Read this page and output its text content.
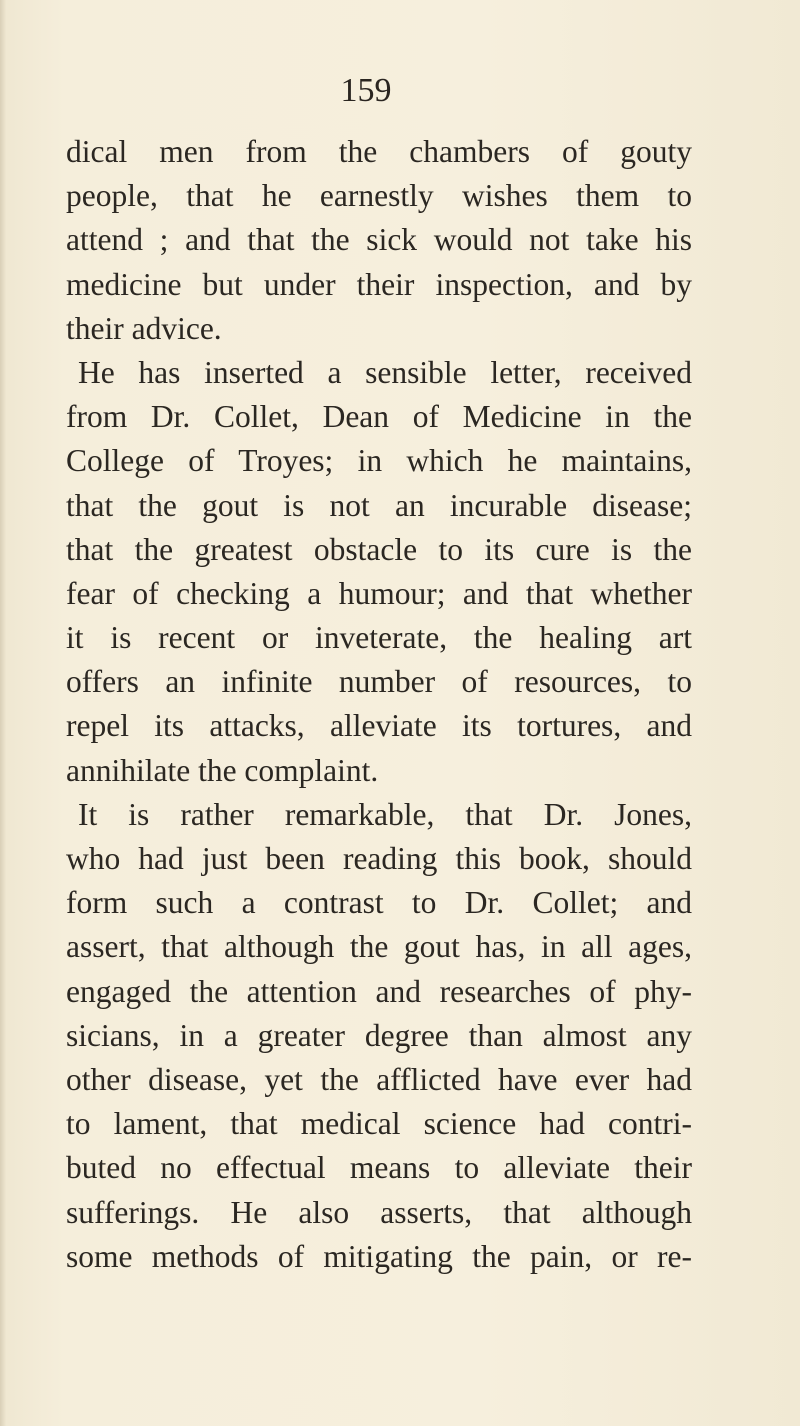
159
dical men from the chambers of gouty
people, that he earnestly wishes them to
attend ; and that the sick would not take his
medicine but under their inspection, and by
their advice.
He has inserted a sensible letter, received
from Dr. Collet, Dean of Medicine in the
College of Troyes; in which he maintains,
that the gout is not an incurable disease;
that the greatest obstacle to its cure is the
fear of checking a humour; and that whether
it is recent or inveterate, the healing art
offers an infinite number of resources, to
repel its attacks, alleviate its tortures, and
annihilate the complaint.
It is rather remarkable, that Dr. Jones,
who had just been reading this book, should
form such a contrast to Dr. Collet; and
assert, that although the gout has, in all ages,
engaged the attention and researches of phy-
sicians, in a greater degree than almost any
other disease, yet the afflicted have ever had
to lament, that medical science had contri-
buted no effectual means to alleviate their
sufferings. He also asserts, that although
some methods of mitigating the pain, or re-
